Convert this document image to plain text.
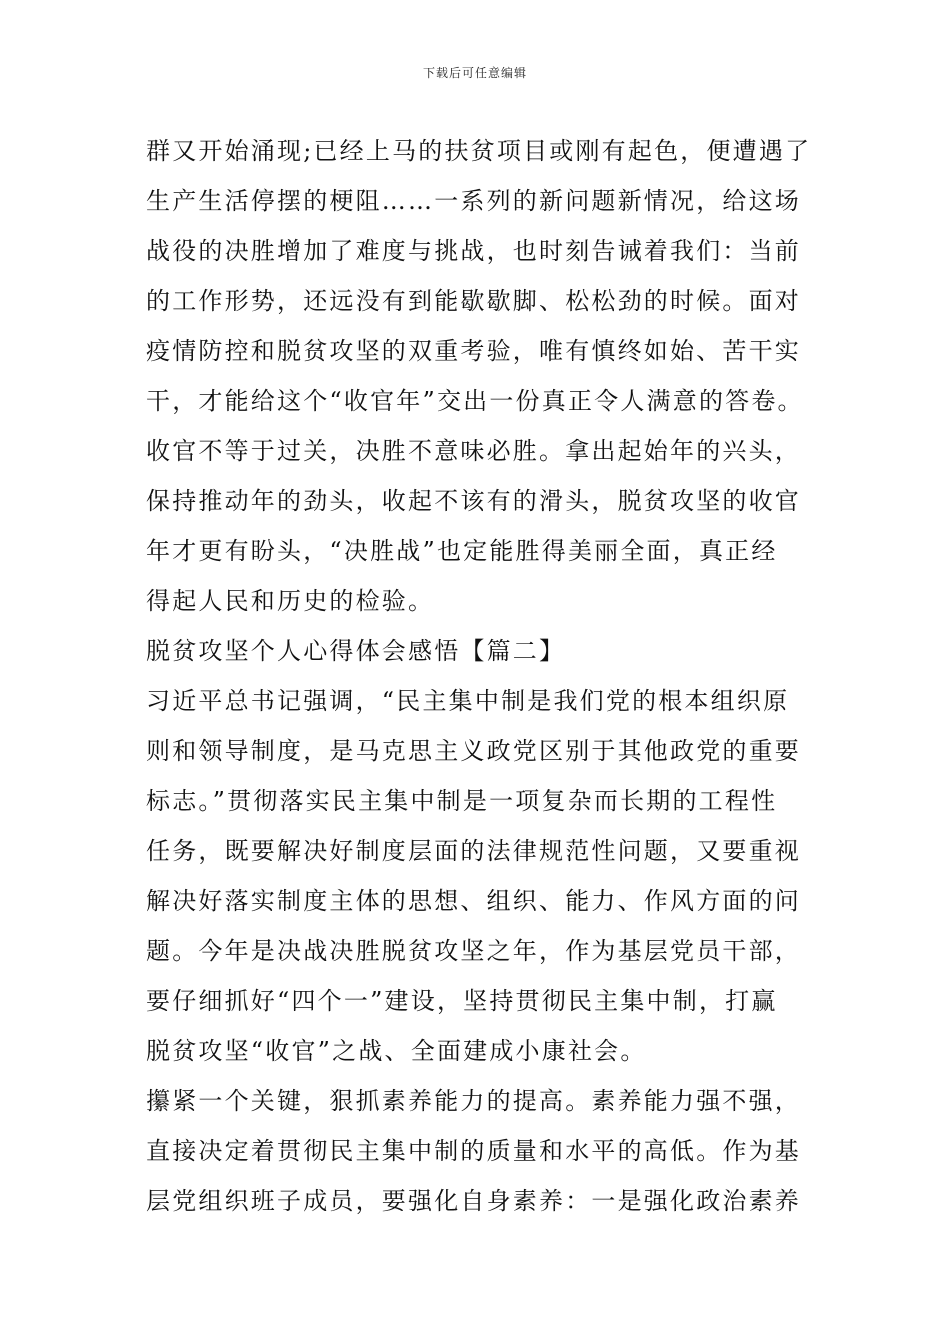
下载后可任意编辑
群又开始涌现;已经上马的扶贫项目或刚有起色，便遭遇了
生产生活停摆的梗阻……一系列的新问题新情况，给这场
战役的决胜增加了难度与挑战，也时刻告诫着我们：当前
的工作形势，还远没有到能歇歇脚、松松劲的时候。面对
疫情防控和脱贫攻坚的双重考验，唯有慎终如始、苦干实
干，才能给这个“收官年”交出一份真正令人满意的答卷。
收官不等于过关，决胜不意味必胜。拿出起始年的兴头，
保持推动年的劲头，收起不该有的滑头，脱贫攻坚的收官
年才更有盼头，“决胜战”也定能胜得美丽全面，真正经
得起人民和历史的检验。
脱贫攻坚个人心得体会感悟【篇二】
习近平总书记强调，“民主集中制是我们党的根本组织原
则和领导制度，是马克思主义政党区别于其他政党的重要
标志。”贯彻落实民主集中制是一项复杂而长期的工程性
任务，既要解决好制度层面的法律规范性问题，又要重视
解决好落实制度主体的思想、组织、能力、作风方面的问
题。今年是决战决胜脱贫攻坚之年，作为基层党员干部，
要仔细抓好“四个一”建设，坚持贯彻民主集中制，打赢
脱贫攻坚“收官”之战、全面建成小康社会。
攥紧一个关键，狠抓素养能力的提高。素养能力强不强，
直接决定着贯彻民主集中制的质量和水平的高低。作为基
层党组织班子成员，要强化自身素养：一是强化政治素养
